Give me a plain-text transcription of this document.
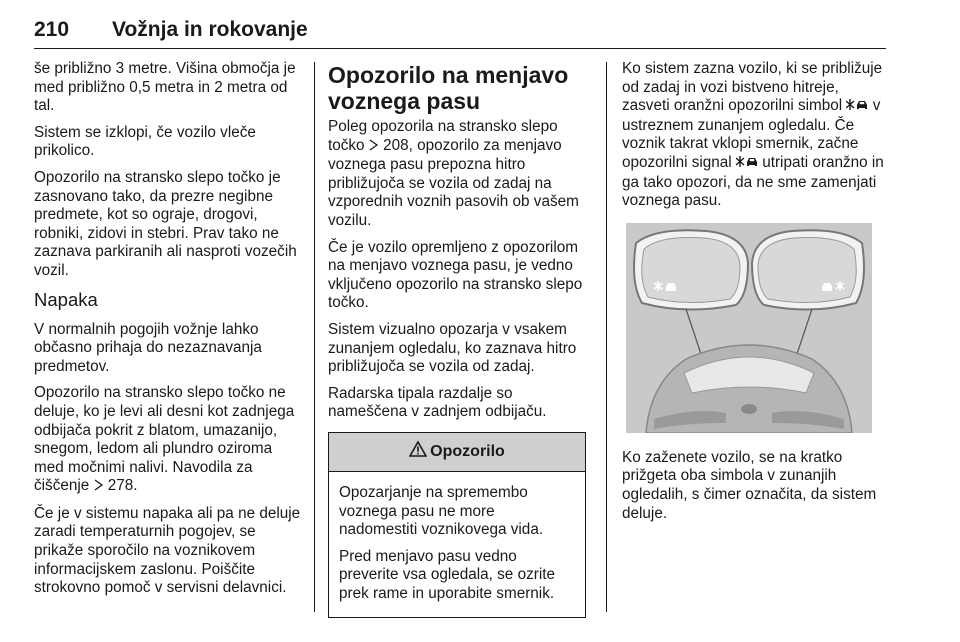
210 Vožnja in rokovanje

še približno 3 metre. Višina območja je med približno 0,5 metra in 2 metra od tal.

Sistem se izklopi, če vozilo vleče prikolico.

Opozorilo na stransko slepo točko je zasnovano tako, da prezre negibne predmete, kot so ograje, drogovi, robniki, zidovi in stebri. Prav tako ne zaznava parkiranih ali nasproti vozečih vozil.

Napaka

V normalnih pogojih vožnje lahko občasno prihaja do nezaznavanja predmetov.

Opozorilo na stransko slepo točko ne deluje, ko je levi ali desni kot zadnjega odbijača pokrit z blatom, umazanijo, snegom, ledom ali plundro oziroma med močnimi nalivi. Navodila za čiščenje 278.

Če je v sistemu napaka ali pa ne deluje zaradi temperaturnih pogojev, se prikaže sporočilo na voznikovem informacijskem zaslonu. Poiščite strokovno pomoč v servisni delavnici.

Opozorilo na menjavo
voznega pasu

Poleg opozorila na stransko slepo točko 208, opozorilo za menjavo voznega pasu prepozna hitro približujoča se vozila od zadaj na vzporednih voznih pasovih ob vašem vozilu.

Če je vozilo opremljeno z opozorilom na menjavo voznega pasu, je vedno vključeno opozorilo na stransko slepo točko.

Sistem vizualno opozarja v vsakem zunanjem ogledalu, ko zaznava hitro približujoča se vozila od zadaj.

Radarska tipala razdalje so nameščena v zadnjem odbijaču.

Opozorilo

Opozarjanje na spremembo voznega pasu ne more nadomestiti voznikovega vida.

Pred menjavo pasu vedno preverite vsa ogledala, se ozrite prek rame in uporabite smernik.

Ko sistem zazna vozilo, ki se približuje od zadaj in vozi bistveno hitreje, zasveti oranžni opozorilni simbol v ustreznem zunanjem ogledalu. Če voznik takrat vklopi smernik, začne opozorilni signal utripati oranžno in ga tako opozori, da ne sme zamenjati voznega pasu.

Ko zaženete vozilo, se na kratko prižgeta oba simbola v zunanjih ogledalih, s čimer označita, da sistem deluje.
